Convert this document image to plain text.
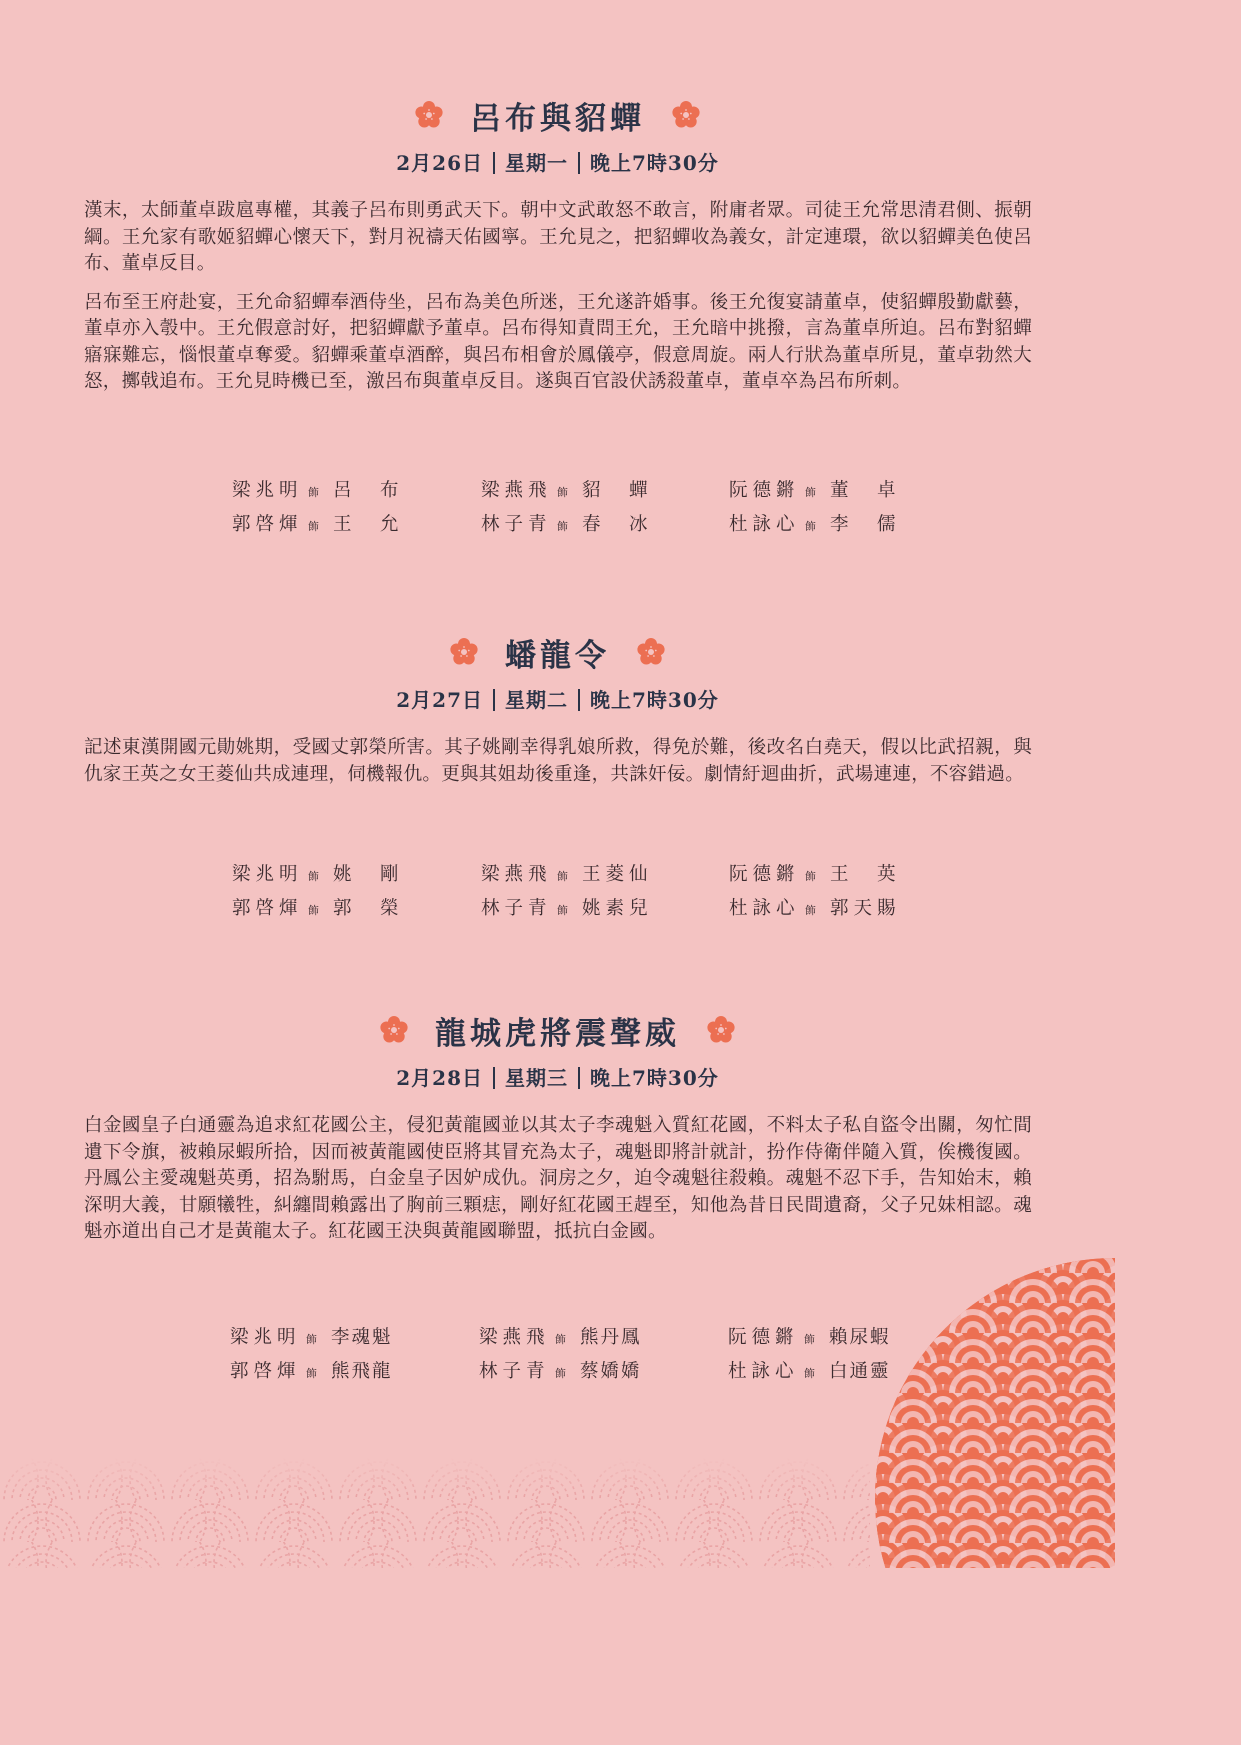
呂布與貂蟬
2月26日 星期一 晚上7時30分

漢末，太師董卓跋扈專權，其義子呂布則勇武天下。朝中文武敢怒不敢言，附庸者眾。司徒王允常思清君側、振朝綱。王允家有歌姬貂蟬心懷天下，對月祝禱天佑國寧。王允見之，把貂蟬收為義女，計定連環，欲以貂蟬美色使呂布、董卓反目。

呂布至王府赴宴，王允命貂蟬奉酒侍坐，呂布為美色所迷，王允遂許婚事。後王允復宴請董卓，使貂蟬殷勤獻藝，董卓亦入彀中。王允假意討好，把貂蟬獻予董卓。呂布得知責問王允，王允暗中挑撥，言為董卓所迫。呂布對貂蟬寤寐難忘，惱恨董卓奪愛。貂蟬乘董卓酒醉，與呂布相會於鳳儀亭，假意周旋。兩人行狀為董卓所見，董卓勃然大怒，擲戟追布。王允見時機已至，激呂布與董卓反目。遂與百官設伏誘殺董卓，董卓卒為呂布所刺。

梁兆明 飾 呂　布	梁燕飛 飾 貂　蟬	阮德鏘 飾 董　卓
郭啓煇 飾 王　允	林子青 飾 春　冰	杜詠心 飾 李　儒
蟠龍令
2月27日 星期二 晚上7時30分

記述東漢開國元勛姚期，受國丈郭榮所害。其子姚剛幸得乳娘所救，得免於難，後改名白堯天，假以比武招親，與仇家王英之女王菱仙共成連理，伺機報仇。更與其姐劫後重逢，共誅奸佞。劇情紆迴曲折，武場連連，不容錯過。

梁兆明 飾 姚　剛	梁燕飛 飾 王菱仙	阮德鏘 飾 王　英
郭啓煇 飾 郭　榮	林子青 飾 姚素兒	杜詠心 飾 郭天賜
龍城虎將震聲威
2月28日 星期三 晚上7時30分

白金國皇子白通靈為追求紅花國公主，侵犯黃龍國並以其太子李魂魁入質紅花國，不料太子私自盜令出關，匆忙間遺下令旗，被賴尿蝦所拾，因而被黃龍國使臣將其冒充為太子，魂魁即將計就計，扮作侍衛伴隨入質，俟機復國。丹鳳公主愛魂魁英勇，招為駙馬，白金皇子因妒成仇。洞房之夕，迫令魂魁往殺賴。魂魁不忍下手，告知始末，賴深明大義，甘願犧牲，糾纏間賴露出了胸前三顆痣，剛好紅花國王趕至，知他為昔日民間遺裔，父子兄妹相認。魂魁亦道出自己才是黃龍太子。紅花國王決與黃龍國聯盟，抵抗白金國。

梁兆明 飾 李魂魁	梁燕飛 飾 熊丹鳳	阮德鏘 飾 賴尿蝦
郭啓煇 飾 熊飛龍	林子青 飾 蔡嬌嬌	杜詠心 飾 白通靈
